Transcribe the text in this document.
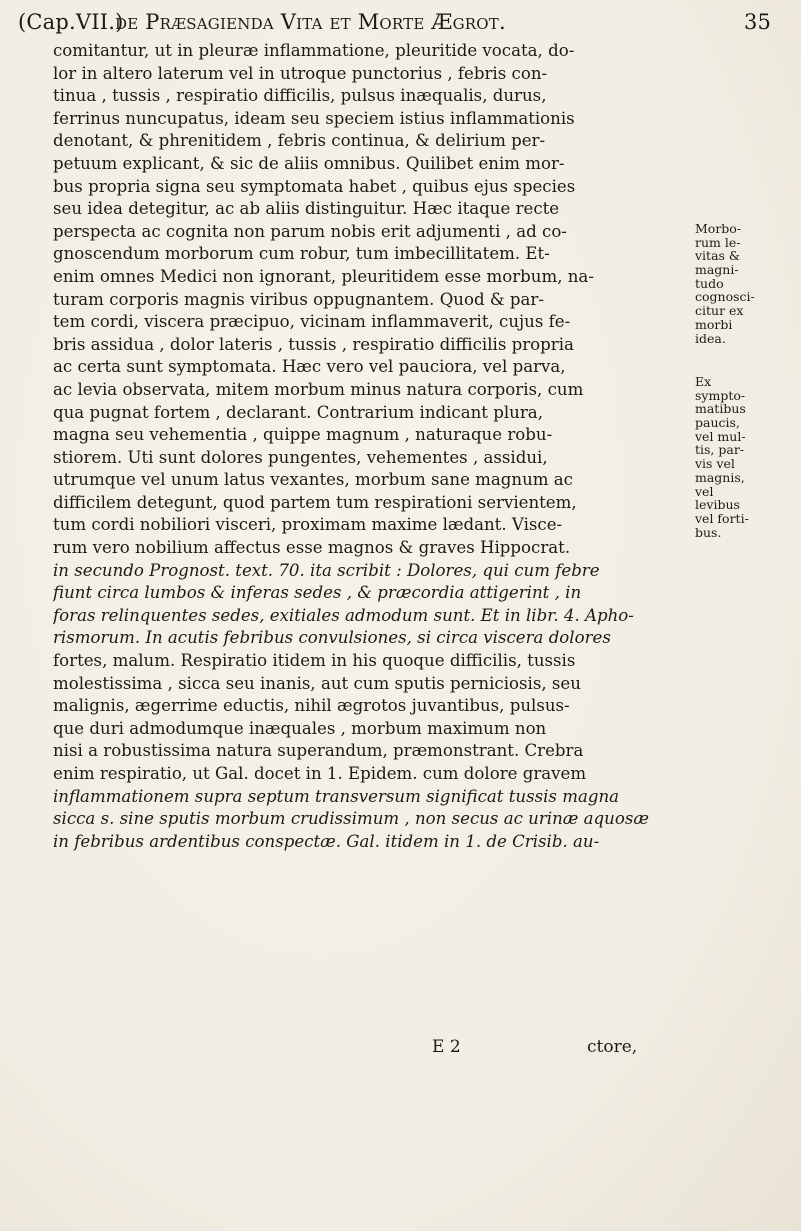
(Cap.VII.)
de Præsagienda Vita et Morte Ægrot.	35
comitantur, ut in pleuræ inflammatione, pleuritide vocata, do-
lor in altero laterum vel in utroque punctorius , febris con-
tinua , tussis , respiratio difficilis, pulsus inæqualis, durus,
ferrinus nuncupatus, ideam seu speciem istius inflammationis
denotant, & phrenitidem , febris continua, & delirium per-
petuum explicant, & sic de aliis omnibus. Quilibet enim mor-
bus propria signa seu symptomata habet , quibus ejus species
seu idea detegitur, ac ab aliis distinguitur. Hæc itaque recte
perspecta ac cognita non parum nobis erit adjumenti , ad co-
gnoscendum morborum cum robur, tum imbecillitatem. Et-
enim omnes Medici non ignorant, pleuritidem esse morbum, na-
turam corporis magnis viribus oppugnantem. Quod & par-
tem cordi, viscera præcipuo, vicinam inflammaverit, cujus fe-
bris assidua , dolor lateris , tussis , respiratio difficilis propria
ac certa sunt symptomata. Hæc vero vel pauciora, vel parva,
ac levia observata, mitem morbum minus natura corporis, cum
qua pugnat fortem , declarant. Contrarium indicant plura,
magna seu vehementia , quippe magnum , naturaque robu-
stiorem. Uti sunt dolores pungentes, vehementes , assidui,
utrumque vel unum latus vexantes, morbum sane magnum ac
difficilem detegunt, quod partem tum respirationi servientem,
tum cordi nobiliori visceri, proximam maxime lædant. Visce-
rum vero nobilium affectus esse magnos & graves Hippocrat.
in secundo Prognost. text. 70. ita scribit : Dolores, qui cum febre
fiunt circa lumbos & inferas sedes , & præcordia attigerint , in
foras relinquentes sedes, exitiales admodum sunt. Et in libr. 4. Apho-
rismorum. In acutis febribus convulsiones, si circa viscera dolores
fortes, malum. Respiratio itidem in his quoque difficilis, tussis
molestissima , sicca seu inanis, aut cum sputis perniciosis, seu
malignis, ægerrime eductis, nihil ægrotos juvantibus, pulsus-
que duri admodumque inæquales , morbum maximum non
nisi a robustissima natura superandum, præmonstrant. Crebra
enim respiratio, ut Gal. docet in 1. Epidem. cum dolore gravem
inflammationem supra septum transversum significat tussis magna
sicca s. sine sputis morbum crudissimum , non secus ac urinæ aquosæ
in febribus ardentibus conspectæ. Gal. itidem in 1. de Crisib. au-
Morbo-
rum le-
vitas &
magni-
tudo
cognosci-
citur ex
morbi
idea.
Ex
sympto-
matibus
paucis,
vel mul-
tis, par-
vis vel
magnis,
vel
levibus
vel forti-
bus.
E 2	ctore,
